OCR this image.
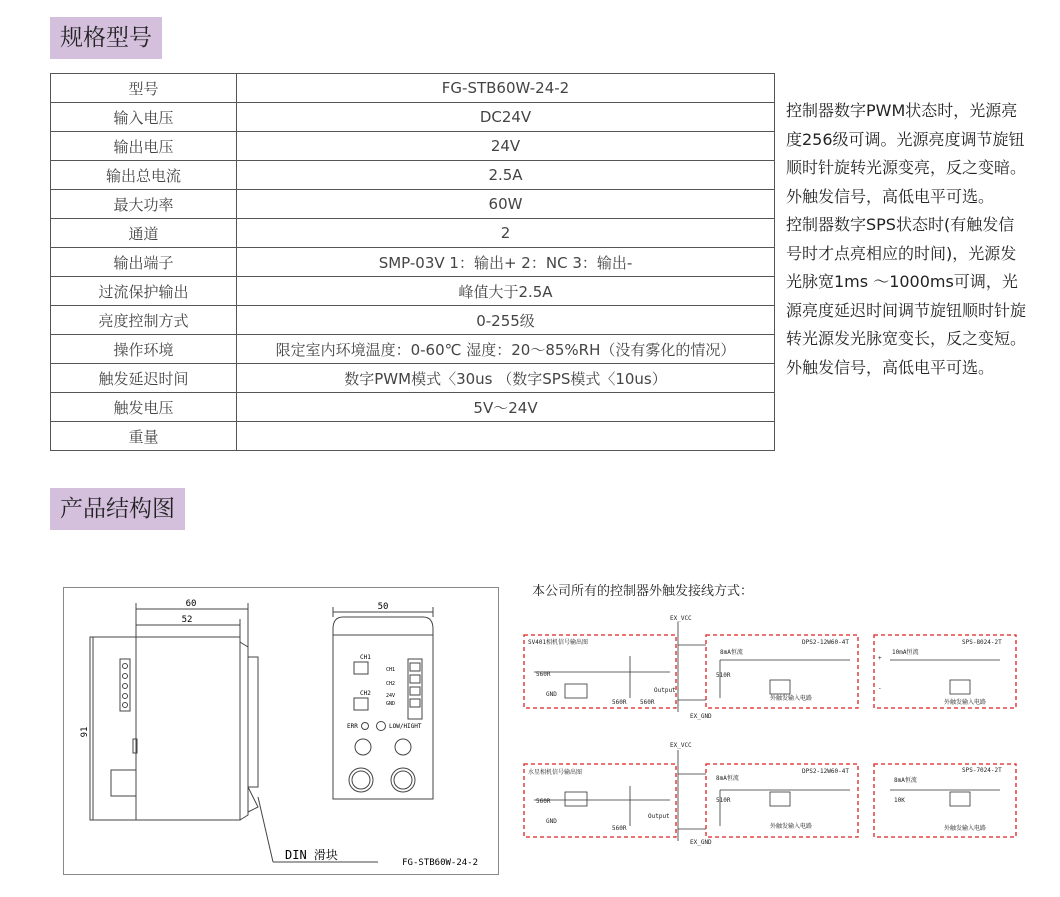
规格型号
产品结构图
型号	FG-STB60W-24-2
输入电压	DC24V
输出电压	24V
输出总电流	2.5A
最大功率	60W
通道	2
输出端子	SMP-03V 1：输出+ 2：NC 3：输出-
过流保护输出	峰值大于2.5A
亮度控制方式	0-255级
操作环境	限定室内环境温度：0-60℃ 湿度：20～85%RH（没有雾化的情况）
触发延迟时间	数字PWM模式〈30us （数字SPS模式〈10us）
触发电压	5V～24V
重量	

控制器数字PWM状态时，光源亮度256级可调。光源亮度调节旋钮顺时针旋转光源变亮，反之变暗。外触发信号，高低电平可选。

控制器数字SPS状态时(有触发信号时才点亮相应的时间)，光源发光脉宽1ms ～1000ms可调，光源亮度延迟时间调节旋钮顺时针旋转光源发光脉宽变长，反之变短。外触发信号，高低电平可选。

60
52
91
DIN 滑块
FG-STB60W-24-2
50
CH1
CH2
CH1
CH2
24V
GND
ERR	LOW/HIGHT
本公司所有的控制器外触发接线方式：
EX_VCC
SV401相机信号输出图
560R
GND
560R 560R
Output
EX_GND
DPS2-12W60-4T
8mA恒流
510R
外触发输入电路
SPS-8024-2T
10mA恒流
+
-
外触发输入电路
EX_VCC
水星相机信号输出图
560R
GND
560R
Output
EX_GND
DPS2-12W60-4T
8mA恒流
510R
外触发输入电路
SPS-7024-2T
8mA恒流
10K
外触发输入电路
